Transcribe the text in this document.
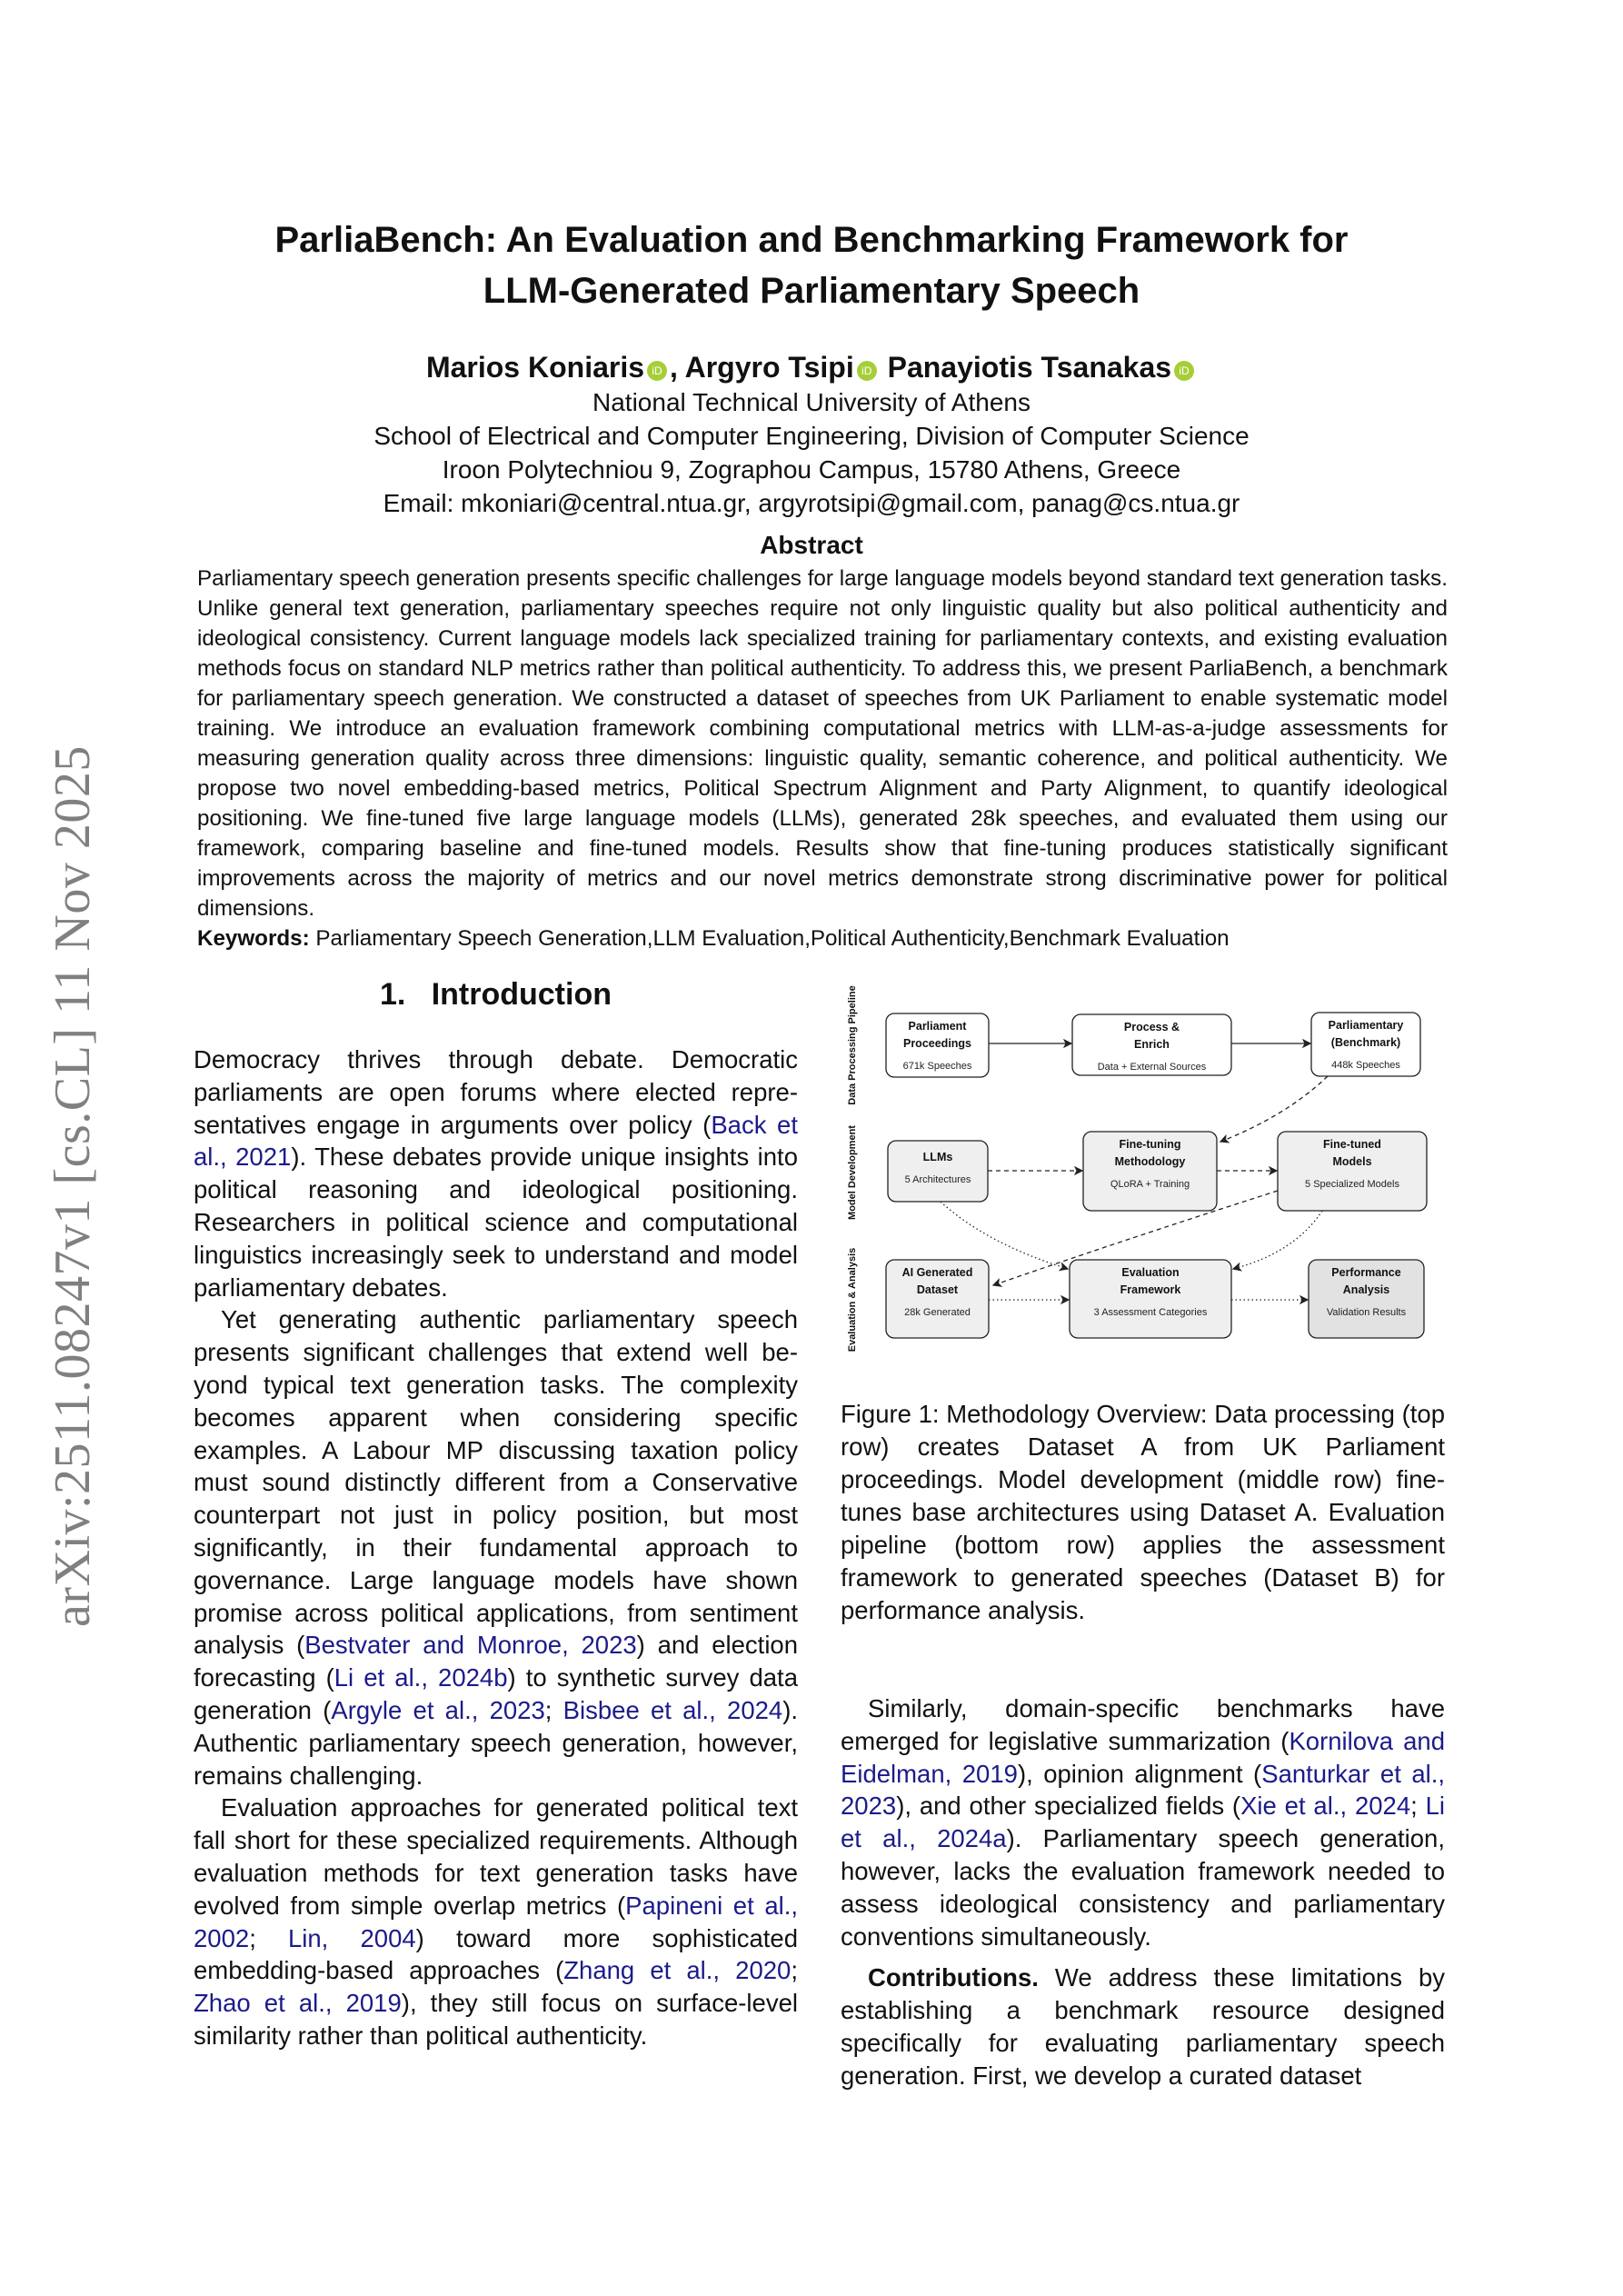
arXiv:2511.08247v1 [cs.CL] 11 Nov 2025
ParliaBench: An Evaluation and Benchmarking Framework for
LLM-Generated Parliamentary Speech
Marios Koniaris iD , Argyro Tsipi iD Panayiotis Tsanakas iD
National Technical University of Athens
School of Electrical and Computer Engineering, Division of Computer Science
Iroon Polytechniou 9, Zographou Campus, 15780 Athens, Greece
Email: mkoniari@central.ntua.gr, argyrotsipi@gmail.com, panag@cs.ntua.gr
Abstract
Parliamentary speech generation presents specific challenges for large language models beyond standard text generation tasks. Unlike general text generation, parliamentary speeches require not only linguistic quality but also political authenticity and ideological consistency. Current language models lack specialized training for parliamentary contexts, and existing evaluation methods focus on standard NLP metrics rather than political authenticity. To address this, we present ParliaBench, a benchmark for parliamentary speech generation. We constructed a dataset of speeches from UK Parliament to enable systematic model training. We introduce an evaluation framework combining computational metrics with LLM-as-a-judge assessments for measuring generation quality across three dimensions: linguistic quality, semantic coherence, and political authenticity. We propose two novel embedding-based metrics, Political Spectrum Alignment and Party Alignment, to quantify ideological positioning. We fine-tuned five large language models (LLMs), generated 28k speeches, and evaluated them using our framework, comparing baseline and fine-tuned models. Results show that fine-tuning produces statistically significant improvements across the majority of metrics and our novel metrics demonstrate strong discriminative power for political dimensions.
Keywords: Parliamentary Speech Generation,LLM Evaluation,Political Authenticity,Benchmark Evaluation
1. Introduction

Democracy thrives through debate. Democratic parliaments are open forums where elected representatives engage in arguments over policy (Back et al., 2021). These debates provide unique insights into political reasoning and ideological positioning. Researchers in political science and computational linguistics increasingly seek to understand and model parliamentary debates.

Yet generating authentic parliamentary speech presents significant challenges that extend well beyond typical text generation tasks. The complexity becomes apparent when considering specific examples. A Labour MP discussing taxation policy must sound distinctly different from a Conservative counterpart not just in policy position, but most significantly, in their fundamental approach to governance. Large language models have shown promise across political applications, from sentiment analysis (Bestvater and Monroe, 2023) and election forecasting (Li et al., 2024b) to synthetic survey data generation (Argyle et al., 2023; Bisbee et al., 2024). Authentic parliamentary speech generation, however, remains challenging.

Evaluation approaches for generated political text fall short for these specialized requirements. Although evaluation methods for text generation tasks have evolved from simple overlap metrics (Papineni et al., 2002; Lin, 2004) toward more sophisticated embedding-based approaches (Zhang et al., 2020; Zhao et al., 2019), they still focus on surface-level similarity rather than political authenticity.

Data Processing Pipeline
Model Development
Evaluation & Analysis
Parliament
Proceedings
671k Speeches
Process &
Enrich
Data + External Sources
Parliamentary
(Benchmark)
448k Speeches
LLMs
5 Architectures
Fine-tuning
Methodology
QLoRA + Training
Fine-tuned
Models
5 Specialized Models
AI Generated
Dataset
28k Generated
Evaluation
Framework
3 Assessment Categories
Performance
Analysis
Validation Results
Figure 1: Methodology Overview: Data processing (top row) creates Dataset A from UK Parliament proceedings. Model development (middle row) finetunes base architectures using Dataset A. Evaluation pipeline (bottom row) applies the assessment framework to generated speeches (Dataset B) for performance analysis.

Similarly, domain-specific benchmarks have emerged for legislative summarization (Kornilova and Eidelman, 2019), opinion alignment (Santurkar et al., 2023), and other specialized fields (Xie et al., 2024; Li et al., 2024a). Parliamentary speech generation, however, lacks the evaluation framework needed to assess ideological consistency and parliamentary conventions simultaneously.

Contributions. We address these limitations by establishing a benchmark resource designed specifically for evaluating parliamentary speech generation. First, we develop a curated dataset
